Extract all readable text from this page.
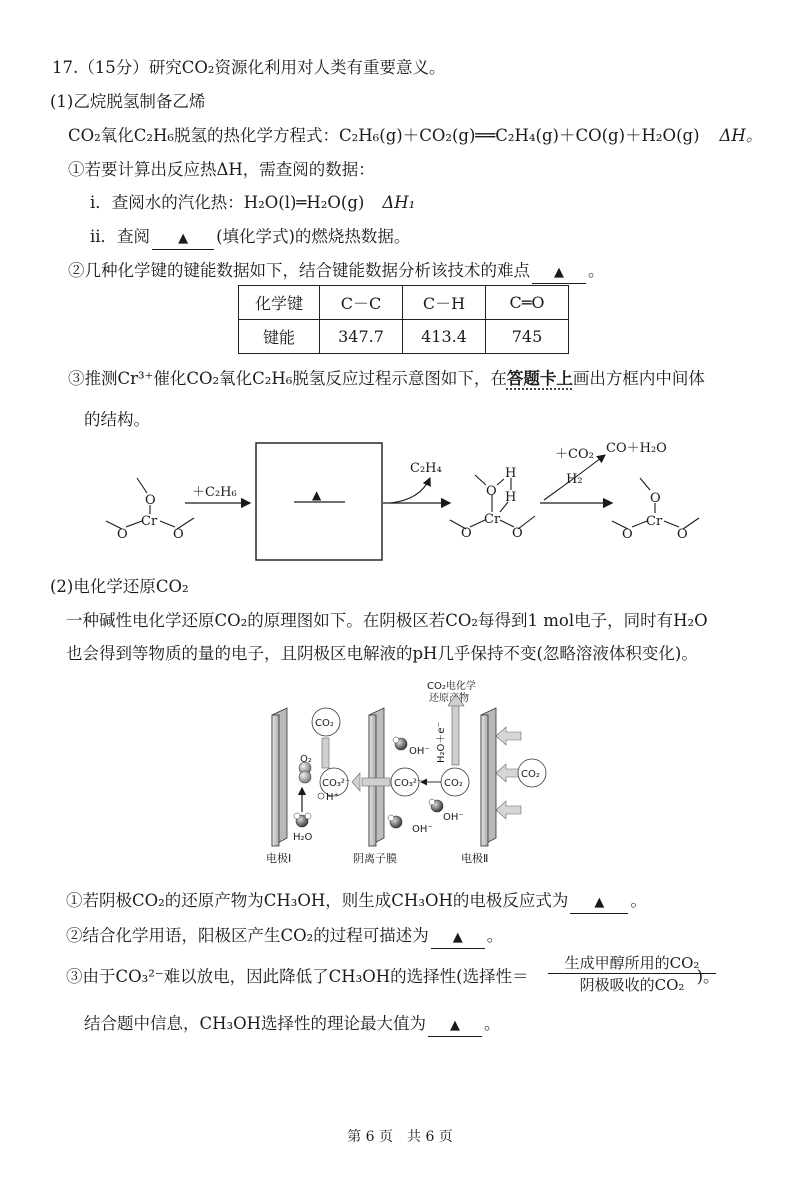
17.（15分）研究CO₂资源化利用对人类有重要意义。
(1)乙烷脱氢制备乙烯
CO₂氧化C₂H₆脱氢的热化学方程式：C₂H₆(g)＋CO₂(g)══C₂H₄(g)＋CO(g)＋H₂O(g) ΔH。
①若要计算出反应热ΔH，需查阅的数据：
i．查阅水的汽化热：H₂O(l)═H₂O(g) ΔH₁
ii．查阅 ▲ (填化学式)的燃烧热数据。
②几种化学键的键能数据如下，结合键能数据分析该技术的难点 ▲ 。
化学键	C－C	C－H	C═O
键能	347.7	413.4	745
③推测Cr³⁺催化CO₂氧化C₂H₆脱氢反应过程示意图如下，在答题卡上画出方框内中间体
的结构。
O
Cr
O	O
＋C₂H₆	▲
C₂H₄
O
H
H
Cr
O	O
＋CO₂ CO＋H₂O
H₂
O
Cr
O	O
(2)电化学还原CO₂
一种碱性电化学还原CO₂的原理图如下。在阴极区若CO₂每得到1 mol电子，同时有H₂O
也会得到等物质的量的电子，且阴极区电解液的pH几乎保持不变(忽略溶液体积变化)。
CO₂电化学
还原产物
H₂O＋e⁻
CO₂
CO₂
CO₃²⁻
CO₃²⁻
CO₂
O₂
H⁺
H₂O
OH⁻
OH⁻
OH⁻
电极Ⅰ	阴离子膜	电极Ⅱ
①若阴极CO₂的还原产物为CH₃OH，则生成CH₃OH的电极反应式为 ▲ 。
②结合化学用语，阳极区产生CO₂的过程可描述为 ▲ 。
③由于CO₃²⁻难以放电，因此降低了CH₃OH的选择性(选择性＝	)。
生成甲醇所用的CO₂
阴极吸收的CO₂
结合题中信息，CH₃OH选择性的理论最大值为 ▲ 。
第 6 页　共 6 页
